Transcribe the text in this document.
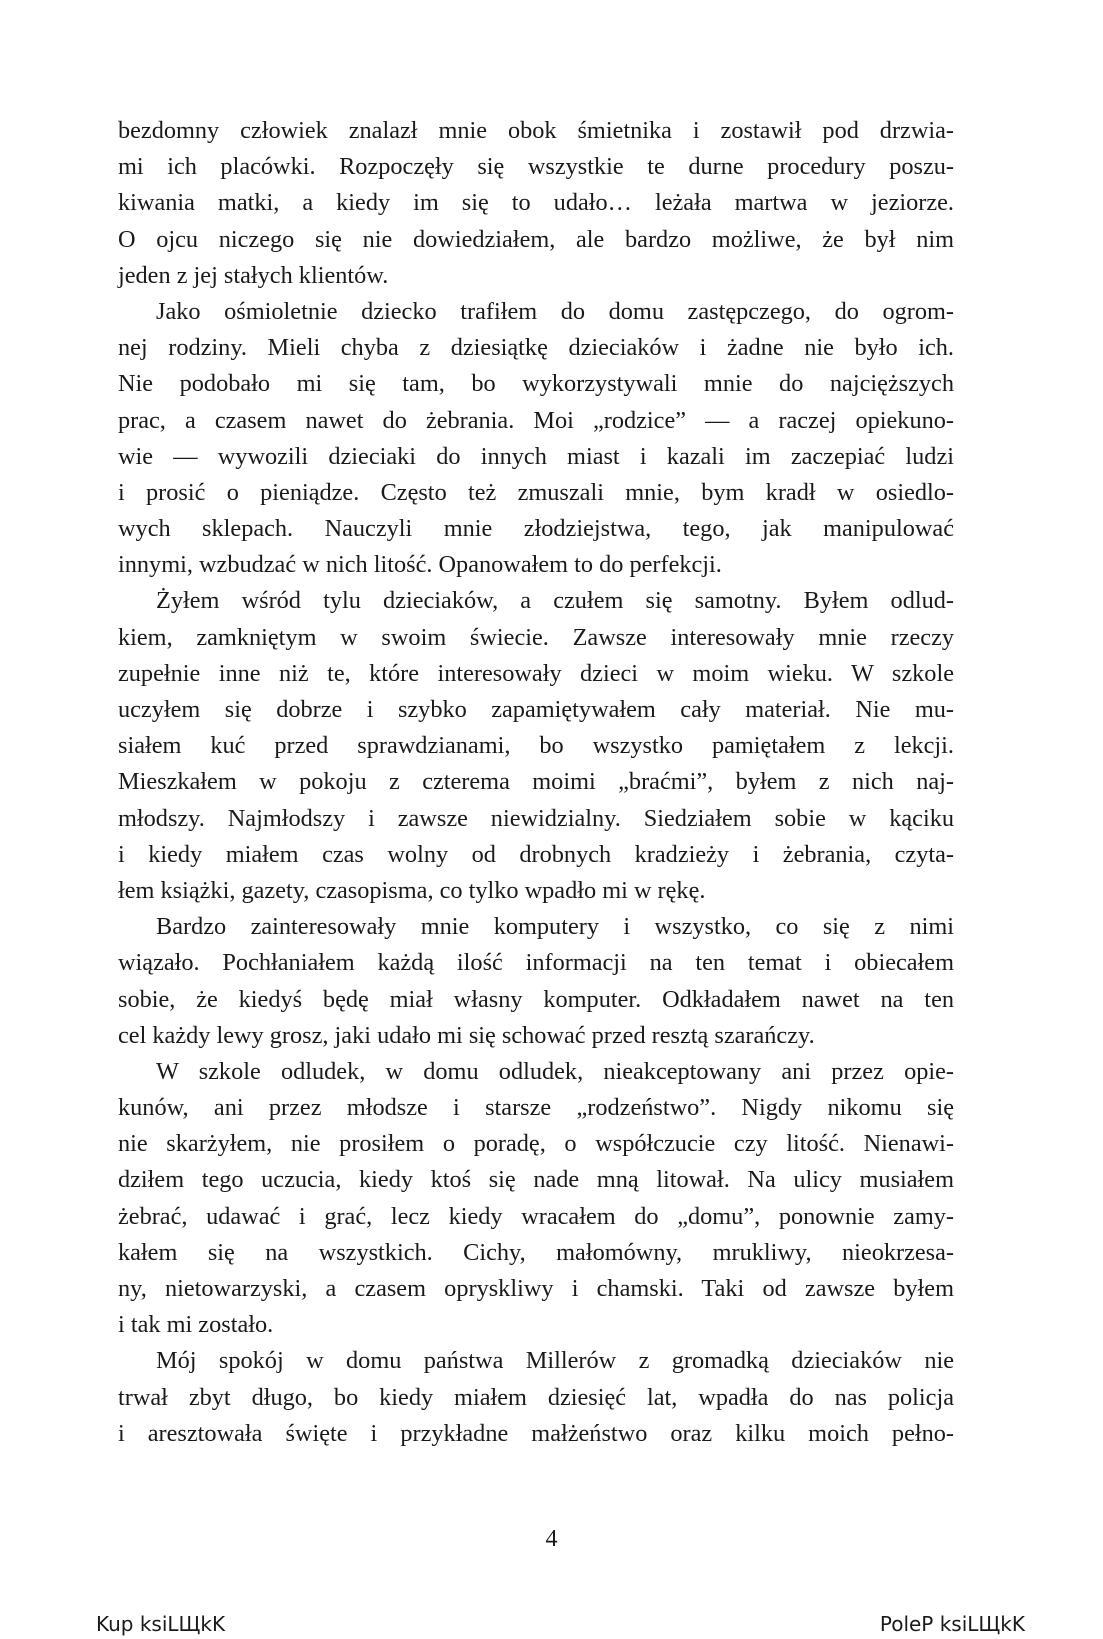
bezdomny człowiek znalazł mnie obok śmietnika i zostawił pod drzwia-
mi ich placówki. Rozpoczęły się wszystkie te durne procedury poszu-
kiwania matki, a kiedy im się to udało… leżała martwa w jeziorze.
O ojcu niczego się nie dowiedziałem, ale bardzo możliwe, że był nim
jeden z jej stałych klientów.
Jako ośmioletnie dziecko trafiłem do domu zastępczego, do ogrom-
nej rodziny. Mieli chyba z dziesiątkę dzieciaków i żadne nie było ich.
Nie podobało mi się tam, bo wykorzystywali mnie do najcięższych
prac, a czasem nawet do żebrania. Moi „rodzice” — a raczej opiekuno-
wie — wywozili dzieciaki do innych miast i kazali im zaczepiać ludzi
i prosić o pieniądze. Często też zmuszali mnie, bym kradł w osiedlo-
wych sklepach. Nauczyli mnie złodziejstwa, tego, jak manipulować
innymi, wzbudzać w nich litość. Opanowałem to do perfekcji.
Żyłem wśród tylu dzieciaków, a czułem się samotny. Byłem odlud-
kiem, zamkniętym w swoim świecie. Zawsze interesowały mnie rzeczy
zupełnie inne niż te, które interesowały dzieci w moim wieku. W szkole
uczyłem się dobrze i szybko zapamiętywałem cały materiał. Nie mu-
siałem kuć przed sprawdzianami, bo wszystko pamiętałem z lekcji.
Mieszkałem w pokoju z czterema moimi „braćmi”, byłem z nich naj-
młodszy. Najmłodszy i zawsze niewidzialny. Siedziałem sobie w kąciku
i kiedy miałem czas wolny od drobnych kradzieży i żebrania, czyta-
łem książki, gazety, czasopisma, co tylko wpadło mi w rękę.
Bardzo zainteresowały mnie komputery i wszystko, co się z nimi
wiązało. Pochłaniałem każdą ilość informacji na ten temat i obiecałem
sobie, że kiedyś będę miał własny komputer. Odkładałem nawet na ten
cel każdy lewy grosz, jaki udało mi się schować przed resztą szarańczy.
W szkole odludek, w domu odludek, nieakceptowany ani przez opie-
kunów, ani przez młodsze i starsze „rodzeństwo”. Nigdy nikomu się
nie skarżyłem, nie prosiłem o poradę, o współczucie czy litość. Nienawi-
dziłem tego uczucia, kiedy ktoś się nade mną litował. Na ulicy musiałem
żebrać, udawać i grać, lecz kiedy wracałem do „domu”, ponownie zamy-
kałem się na wszystkich. Cichy, małomówny, mrukliwy, nieokrzesa-
ny, nietowarzyski, a czasem opryskliwy i chamski. Taki od zawsze byłem
i tak mi zostało.
Mój spokój w domu państwa Millerów z gromadką dzieciaków nie
trwał zbyt długo, bo kiedy miałem dziesięć lat, wpadła do nas policja
i aresztowała święte i przykładne małżeństwo oraz kilku moich pełno-
4
Kup ksiLЩkK	PoleP ksiLЩkK
